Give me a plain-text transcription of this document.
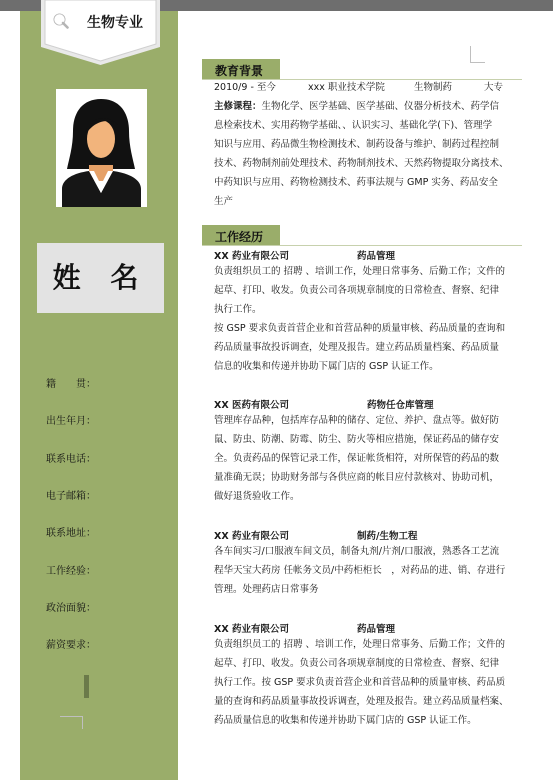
生物专业
姓 名
籍　　贯：
出生年月：
联系电话：
电子邮箱：
联系地址：
工作经验：
政治面貌：
薪资要求：
教育背景

2010/9 - 至今	xxx 职业技术学院	生物制药	大专

主修课程：生物化学、医学基础、医学基础、仪器分析技术、药学信

息检索技术、实用药物学基础、、认识实习、基础化学(下)、管理学

知识与应用、药品微生物检测技术、制药设备与维护、制药过程控制

技术、药物制剂前处理技术、药物制剂技术、天然药物提取分离技术、

中药知识与应用、药物检测技术、药事法规与 GMP 实务、药品安全

生产

工作经历
XX 药业有限公司	药品管理

负责组织员工的 招聘 、培训工作，处理日常事务、后勤工作；文件的

起草、打印、收发。负责公司各项规章制度的日常检查、督察、纪律

执行工作。

按 GSP 要求负责首营企业和首营品种的质量审核、药品质量的查询和

药品质量事故投诉调查，处理及报告。建立药品质量档案、药品质量

信息的收集和传递并协助下属门店的 GSP 认证工作。

XX 医药有限公司	药物任仓库管理

管理库存品种，包括库存品种的储存、定位、养护、盘点等。做好防

鼠、防虫、防潮、防霉、防尘、防火等相应措施，保证药品的储存安

全。负责药品的保管记录工作，保证帐货相符，对所保管的药品的数

量准确无误；协助财务部与各供应商的帐目应付款核对、协助司机，

做好退货验收工作。

XX 药业有限公司	制药/生物工程

各车间实习/口服液车间文员，制备丸剂/片剂/口服液，熟悉各工艺流

程华天宝大药房 任帐务文员/中药柜柜长　，对药品的进、销、存进行

管理。处理药店日常事务

XX 药业有限公司	药品管理

负责组织员工的 招聘 、培训工作，处理日常事务、后勤工作；文件的

起草、打印、收发。负责公司各项规章制度的日常检查、督察、纪律

执行工作。按 GSP 要求负责首营企业和首营品种的质量审核、药品质

量的查询和药品质量事故投诉调查，处理及报告。建立药品质量档案、

药品质量信息的收集和传递并协助下属门店的 GSP 认证工作。
